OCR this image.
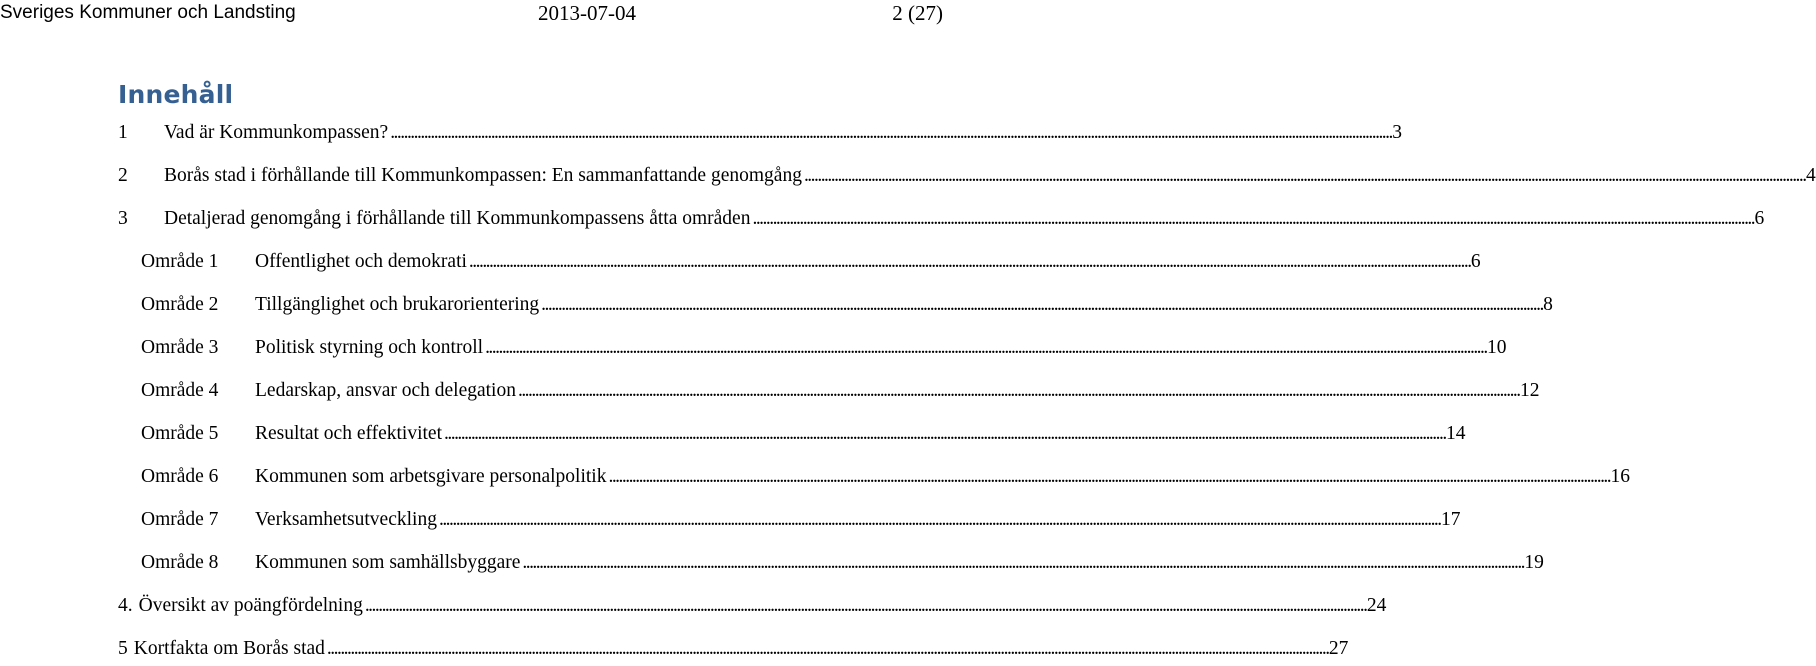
Sveriges Kommuner och Landsting	2013-07-04	2 (27)
Innehåll
1	Vad är Kommunkompassen? . . .	3
2	Borås stad i förhållande till Kommunkompassen: En sammanfattande genomgång . . .	4
3	Detaljerad genomgång i förhållande till Kommunkompassens åtta områden . . .	6
Område 1	Offentlighet och demokrati . . .	6
Område 2	Tillgänglighet och brukarorientering . . .	8
Område 3	Politisk styrning och kontroll . . .	10
Område 4	Ledarskap, ansvar och delegation . . .	12
Område 5	Resultat och effektivitet . . .	14
Område 6	Kommunen som arbetsgivare personalpolitik . . .	16
Område 7	Verksamhetsutveckling . . .	17
Område 8	Kommunen som samhällsbyggare . . .	19
4. Översikt av poängfördelning . . .	24
5 Kortfakta om Borås stad . . .	27
